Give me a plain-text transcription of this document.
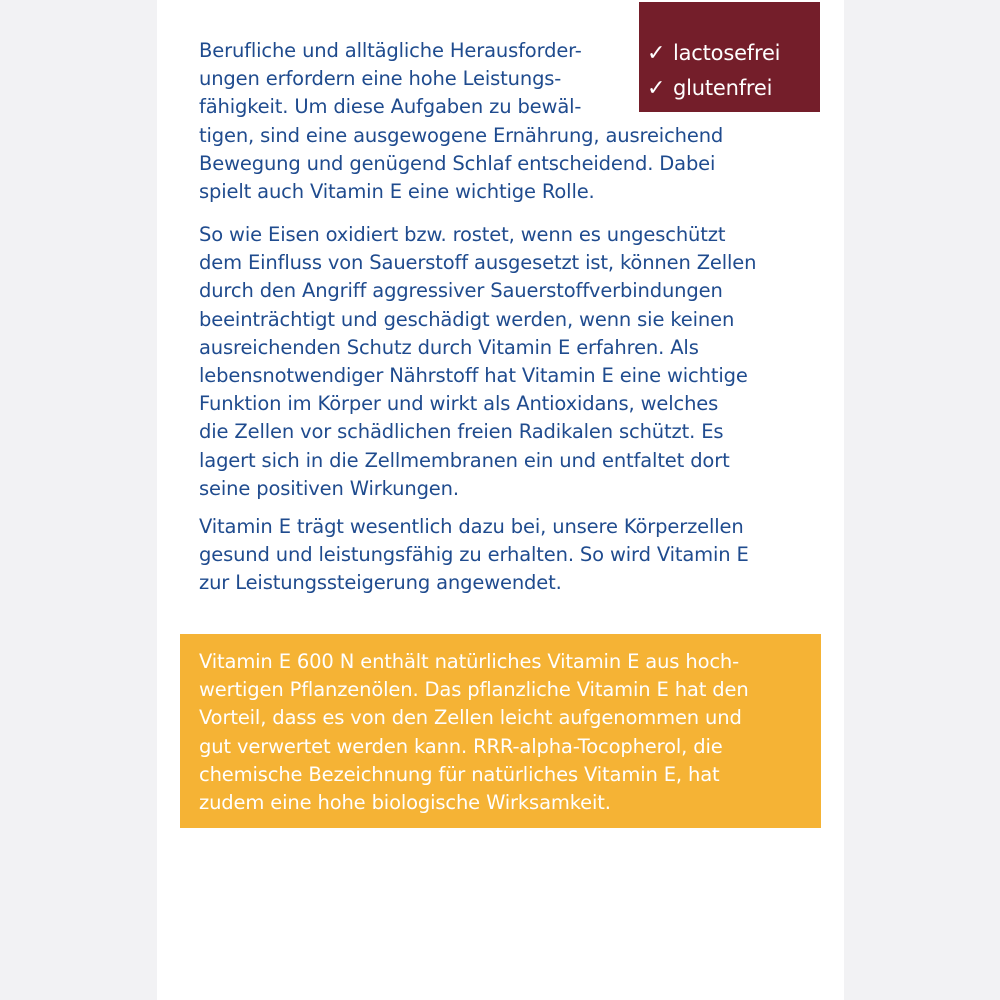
✓ lactosefrei
✓ glutenfrei
Berufliche und alltägliche Herausforder-
ungen erfordern eine hohe Leistungs-
fähigkeit. Um diese Aufgaben zu bewäl-
tigen, sind eine ausgewogene Ernährung, ausreichend
Bewegung und genügend Schlaf entscheidend. Dabei
spielt auch Vitamin E eine wichtige Rolle.
So wie Eisen oxidiert bzw. rostet, wenn es ungeschützt
dem Einfluss von Sauerstoff ausgesetzt ist, können Zellen
durch den Angriff aggressiver Sauerstoffverbindungen
beeinträchtigt und geschädigt werden, wenn sie keinen
ausreichenden Schutz durch Vitamin E erfahren. Als
lebensnotwendiger Nährstoff hat Vitamin E eine wichtige
Funktion im Körper und wirkt als Antioxidans, welches
die Zellen vor schädlichen freien Radikalen schützt. Es
lagert sich in die Zellmembranen ein und entfaltet dort
seine positiven Wirkungen.
Vitamin E trägt wesentlich dazu bei, unsere Körperzellen
gesund und leistungsfähig zu erhalten. So wird Vitamin E
zur Leistungssteigerung angewendet.
Vitamin E 600 N enthält natürliches Vitamin E aus hoch-
wertigen Pflanzenölen. Das pflanzliche Vitamin E hat den
Vorteil, dass es von den Zellen leicht aufgenommen und
gut verwertet werden kann. RRR-alpha-Tocopherol, die
chemische Bezeichnung für natürliches Vitamin E, hat
zudem eine hohe biologische Wirksamkeit.
